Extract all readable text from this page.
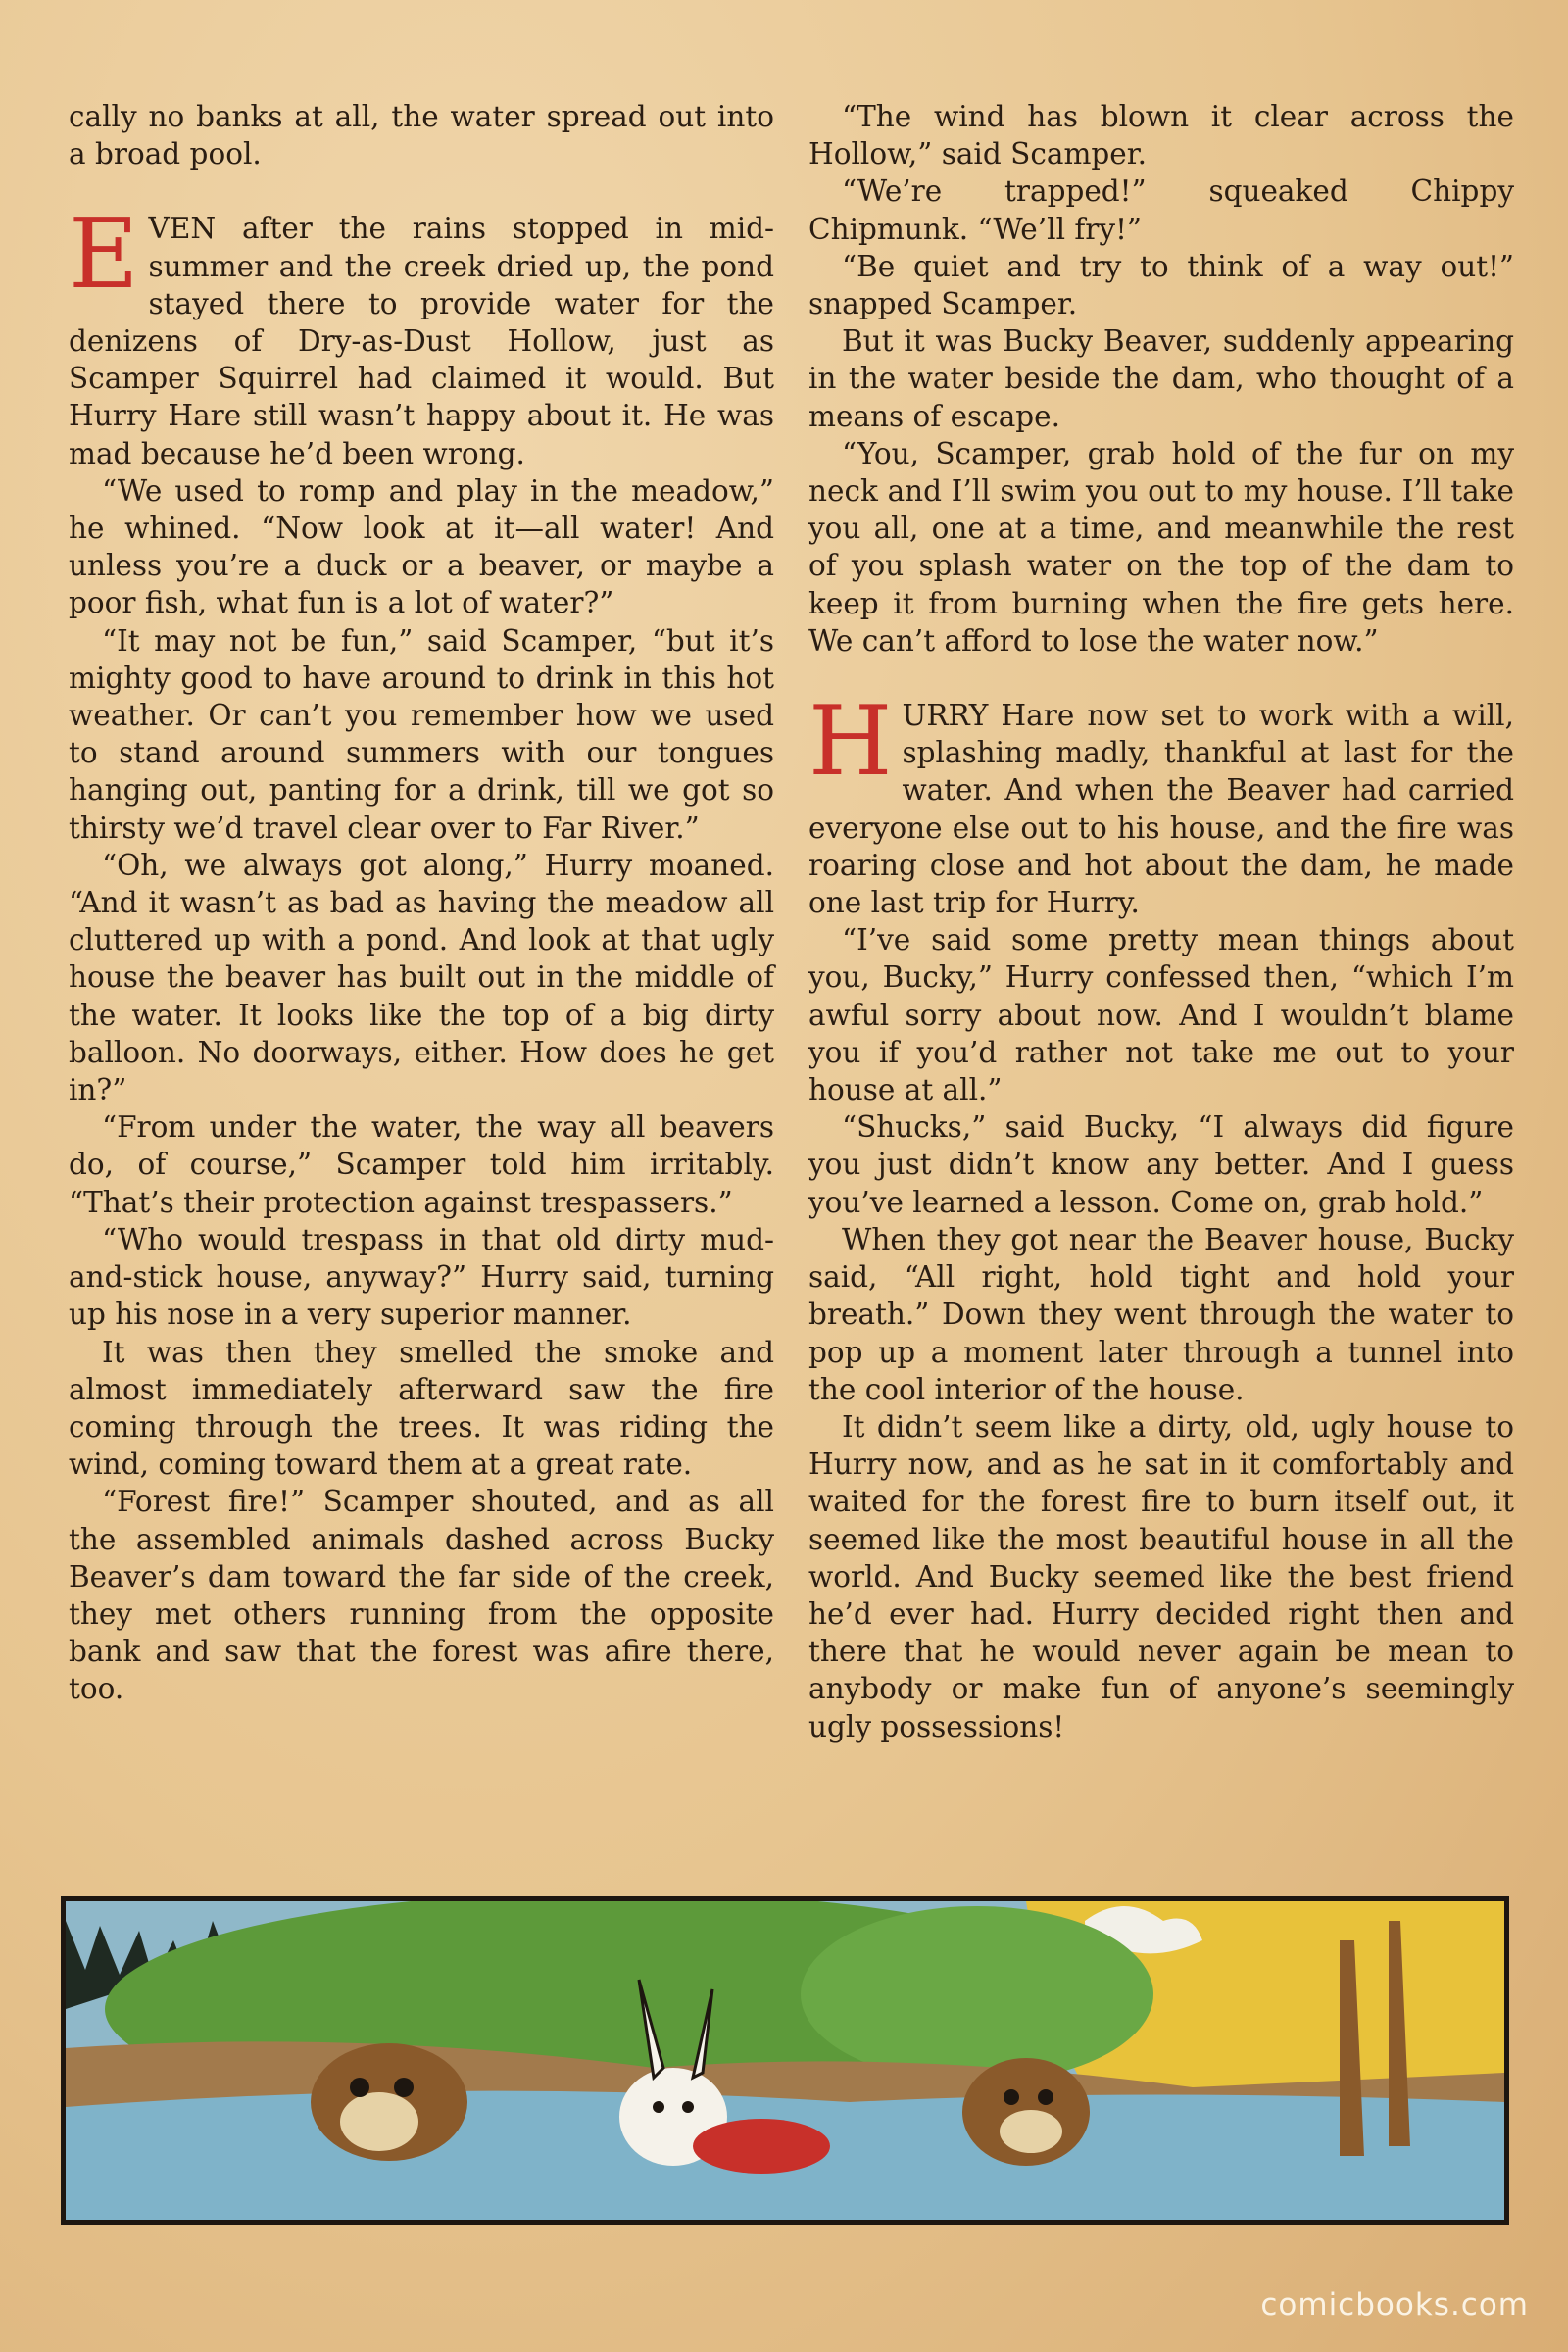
cally no banks at all, the water spread out into a broad pool.

EVEN after the rains stopped in mid-summer and the creek dried up, the pond stayed there to provide water for the denizens of Dry-as-Dust Hollow, just as Scamper Squirrel had claimed it would. But Hurry Hare still wasn’t happy about it. He was mad because he’d been wrong.

“We used to romp and play in the meadow,” he whined. “Now look at it—all water! And unless you’re a duck or a beaver, or maybe a poor fish, what fun is a lot of water?”

“It may not be fun,” said Scamper, “but it’s mighty good to have around to drink in this hot weather. Or can’t you remember how we used to stand around summers with our tongues hanging out, panting for a drink, till we got so thirsty we’d travel clear over to Far River.”

“Oh, we always got along,” Hurry moaned. “And it wasn’t as bad as having the meadow all cluttered up with a pond. And look at that ugly house the beaver has built out in the middle of the water. It looks like the top of a big dirty balloon. No doorways, either. How does he get in?”

“From under the water, the way all beavers do, of course,” Scamper told him irritably. “That’s their protection against trespassers.”

“Who would trespass in that old dirty mud-and-stick house, anyway?” Hurry said, turning up his nose in a very superior manner.

It was then they smelled the smoke and almost immediately afterward saw the fire coming through the trees. It was riding the wind, coming toward them at a great rate.

“Forest fire!” Scamper shouted, and as all the assembled animals dashed across Bucky Beaver’s dam toward the far side of the creek, they met others running from the opposite bank and saw that the forest was afire there, too.

“The wind has blown it clear across the Hollow,” said Scamper.

“We’re trapped!” squeaked Chippy Chipmunk. “We’ll fry!”

“Be quiet and try to think of a way out!” snapped Scamper.

But it was Bucky Beaver, suddenly appearing in the water beside the dam, who thought of a means of escape.

“You, Scamper, grab hold of the fur on my neck and I’ll swim you out to my house. I’ll take you all, one at a time, and meanwhile the rest of you splash water on the top of the dam to keep it from burning when the fire gets here. We can’t afford to lose the water now.”

HURRY Hare now set to work with a will, splashing madly, thankful at last for the water. And when the Beaver had carried everyone else out to his house, and the fire was roaring close and hot about the dam, he made one last trip for Hurry.

“I’ve said some pretty mean things about you, Bucky,” Hurry confessed then, “which I’m awful sorry about now. And I wouldn’t blame you if you’d rather not take me out to your house at all.”

“Shucks,” said Bucky, “I always did figure you just didn’t know any better. And I guess you’ve learned a lesson. Come on, grab hold.”

When they got near the Beaver house, Bucky said, “All right, hold tight and hold your breath.” Down they went through the water to pop up a moment later through a tunnel into the cool interior of the house.

It didn’t seem like a dirty, old, ugly house to Hurry now, and as he sat in it comfortably and waited for the forest fire to burn itself out, it seemed like the most beautiful house in all the world. And Bucky seemed like the best friend he’d ever had. Hurry decided right then and there that he would never again be mean to anybody or make fun of anyone’s seemingly ugly possessions!

comicbooks.com
